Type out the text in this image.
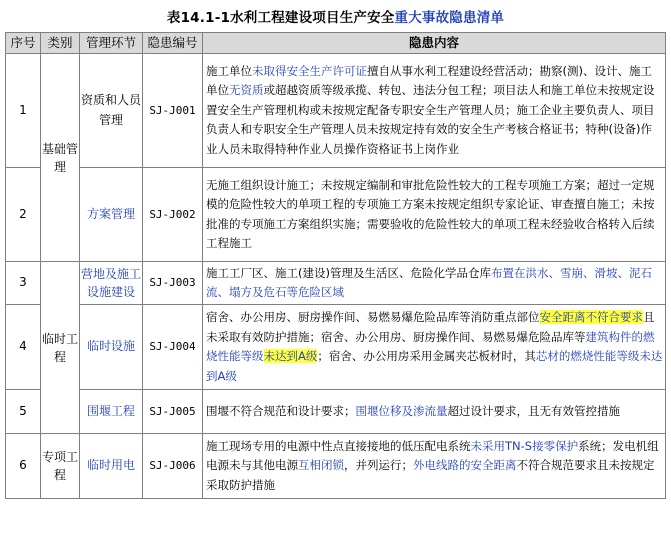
表14.1-1水利工程建设项目生产安全重大事故隐患清单
序号	类别	管理环节	隐患编号	隐患内容
1	基础管理	资质和人员管理	SJ-J001	施工单位未取得安全生产许可证擅自从事水利工程建设经营活动；勘察(测)、设计、施工单位无资质或超越资质等级承揽、转包、违法分包工程；项目法人和施工单位未按规定设置安全生产管理机构或未按规定配备专职安全生产管理人员；施工企业主要负责人、项目负责人和专职安全生产管理人员未按规定持有效的安全生产考核合格证书；特种(设备)作业人员未取得特种作业人员操作资格证书上岗作业
2		方案管理	SJ-J002	无施工组织设计施工；未按规定编制和审批危险性较大的工程专项施工方案；超过一定规模的危险性较大的单项工程的专项施工方案未按规定组织专家论证、审查擅自施工；未按批准的专项施工方案组织实施；需要验收的危险性较大的单项工程未经验收合格转入后续工程施工
3	临时工程	营地及施工设施建设	SJ-J003	施工工厂区、施工(建设)管理及生活区、危险化学品仓库布置在洪水、雪崩、滑坡、泥石流、塌方及危石等危险区域
4		临时设施	SJ-J004	宿舍、办公用房、厨房操作间、易燃易爆危险品库等消防重点部位安全距离不符合要求且未采取有效防护措施；宿舍、办公用房、厨房操作间、易燃易爆危险品库等建筑构件的燃烧性能等级未达到A级；宿舍、办公用房采用金属夹芯板材时，其芯材的燃烧性能等级未达到A级
5		围堰工程	SJ-J005	围堰不符合规范和设计要求；围堰位移及渗流量超过设计要求，且无有效管控措施
6	专项工程	临时用电	SJ-J006	施工现场专用的电源中性点直接接地的低压配电系统未采用TN-S接零保护系统；发电机组电源未与其他电源互相闭锁，并列运行；外电线路的安全距离不符合规范要求且未按规定采取防护措施
